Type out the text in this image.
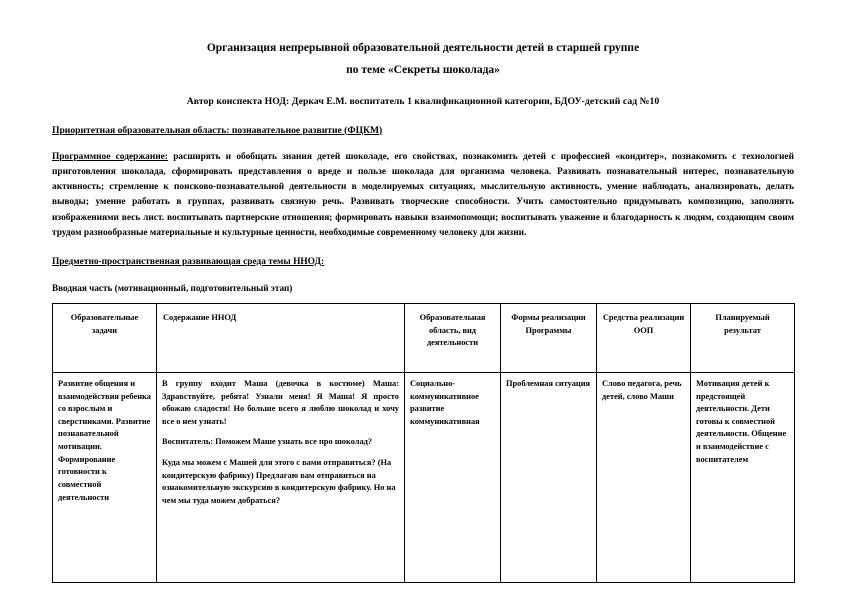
Организация непрерывной образовательной деятельности детей в старшей группе
по теме «Секреты шоколада»
Автор конспекта НОД: Деркач Е.М. воспитатель 1 квалификационной категории, БДОУ-детский сад №10
Приоритетная образовательная область: познавательное развитие (ФЦКМ)
Программное содержание: расширять и обобщать знания детей шоколаде, его свойствах, познакомить детей с профессией «кондитер», познакомить с технологией приготовления шоколада, сформировать представления о вреде и пользе шоколада для организма человека. Развивать познавательный интерес, познавательную активность; стремление к поисково-познавательной деятельности в моделируемых ситуациях, мыслительную активность, умение наблюдать, анализировать, делать выводы; умение работать в группах, развивать связную речь. Развивать творческие способности. Учить самостоятельно придумывать композицию, заполнять изображениями весь лист. воспитывать партнерские отношения; формировать навыки взаимопомощи; воспитывать уважение и благодарность к людям, создающим своим трудом разнообразные материальные и культурные ценности, необходимые современному человеку для жизни.
Предметно-пространственная развивающая среда темы ННОД:
Вводная часть (мотивационный, подготовительный этап)
Образовательные задачи	Содержание ННОД	Образовательная область, вид деятельности	Формы реализации Программы	Средства реализации ООП	Планируемый результат
Развитие общения и взаимодействия ребенка со взрослым и сверстниками. Развитие познавательной мотивации. Формирование готовности к совместной деятельности	В группу входит Маша (девочка в костюме) Маша: Здравствуйте, ребята! Узнали меня! Я Маша! Я просто обожаю сладости! Но больше всего я люблю шоколад и хочу все о нем узнать!

Воспитатель: Поможем Маше узнать все про шоколад?

Куда мы можем с Машей для этого с вами отправиться? (На кондитерскую фабрику) Предлагаю вам отправиться на ознакомительную экскурсию в кондитерскую фабрику. Но на чем мы туда можем добраться?	Социально-коммуникативное развитие коммуникативная	Проблемная ситуация	Слово педагога, речь детей, слово Маши	Мотивация детей к предстоящей деятельности. Дети готовы к совместной деятельности. Общение и взаимодействие с воспитателем
